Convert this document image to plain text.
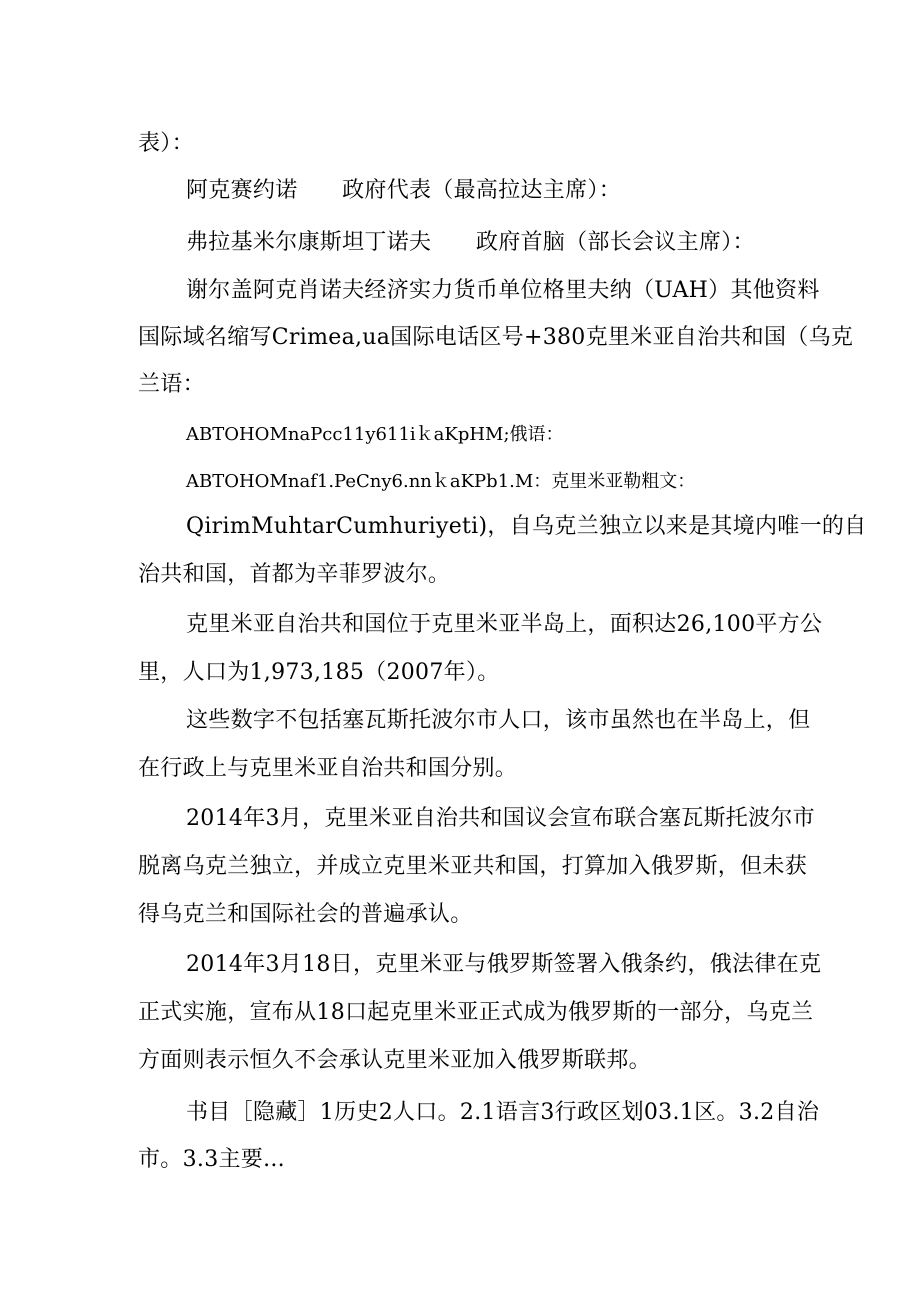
表）：
阿克赛约诺　　政府代表（最高拉达主席）：
弗拉基米尔康斯坦丁诺夫　　政府首脑（部长会议主席）：
谢尔盖阿克肖诺夫经济实力货币单位格里夫纳（UAH）其他资料
国际域名缩写Crimea,ua国际电话区号+380克里米亚自治共和国（乌克
兰语：
ABTOHOMnaPcc11y611iｋaKpHM;俄语：
ABTOHOMnaf1.PeCny6.nnｋaKPb1.M：克里米亚勒粗文：
QirimMuhtarCumhuriyeti)，自乌克兰独立以来是其境内唯一的自
治共和国，首都为辛菲罗波尔。
克里米亚自治共和国位于克里米亚半岛上，面积达26,100平方公
里，人口为1,973,185（2007年）。
这些数字不包括塞瓦斯托波尔市人口，该市虽然也在半岛上，但
在行政上与克里米亚自治共和国分别。
2014年3月，克里米亚自治共和国议会宣布联合塞瓦斯托波尔市
脱离乌克兰独立，并成立克里米亚共和国，打算加入俄罗斯，但未获
得乌克兰和国际社会的普遍承认。
2014年3月18日，克里米亚与俄罗斯签署入俄条约，俄法律在克
正式实施，宣布从18口起克里米亚正式成为俄罗斯的一部分，乌克兰
方面则表示恒久不会承认克里米亚加入俄罗斯联邦。
书目［隐藏］1历史2人口。2.1语言3行政区划03.1区。3.2自治
市。3.3主要...
